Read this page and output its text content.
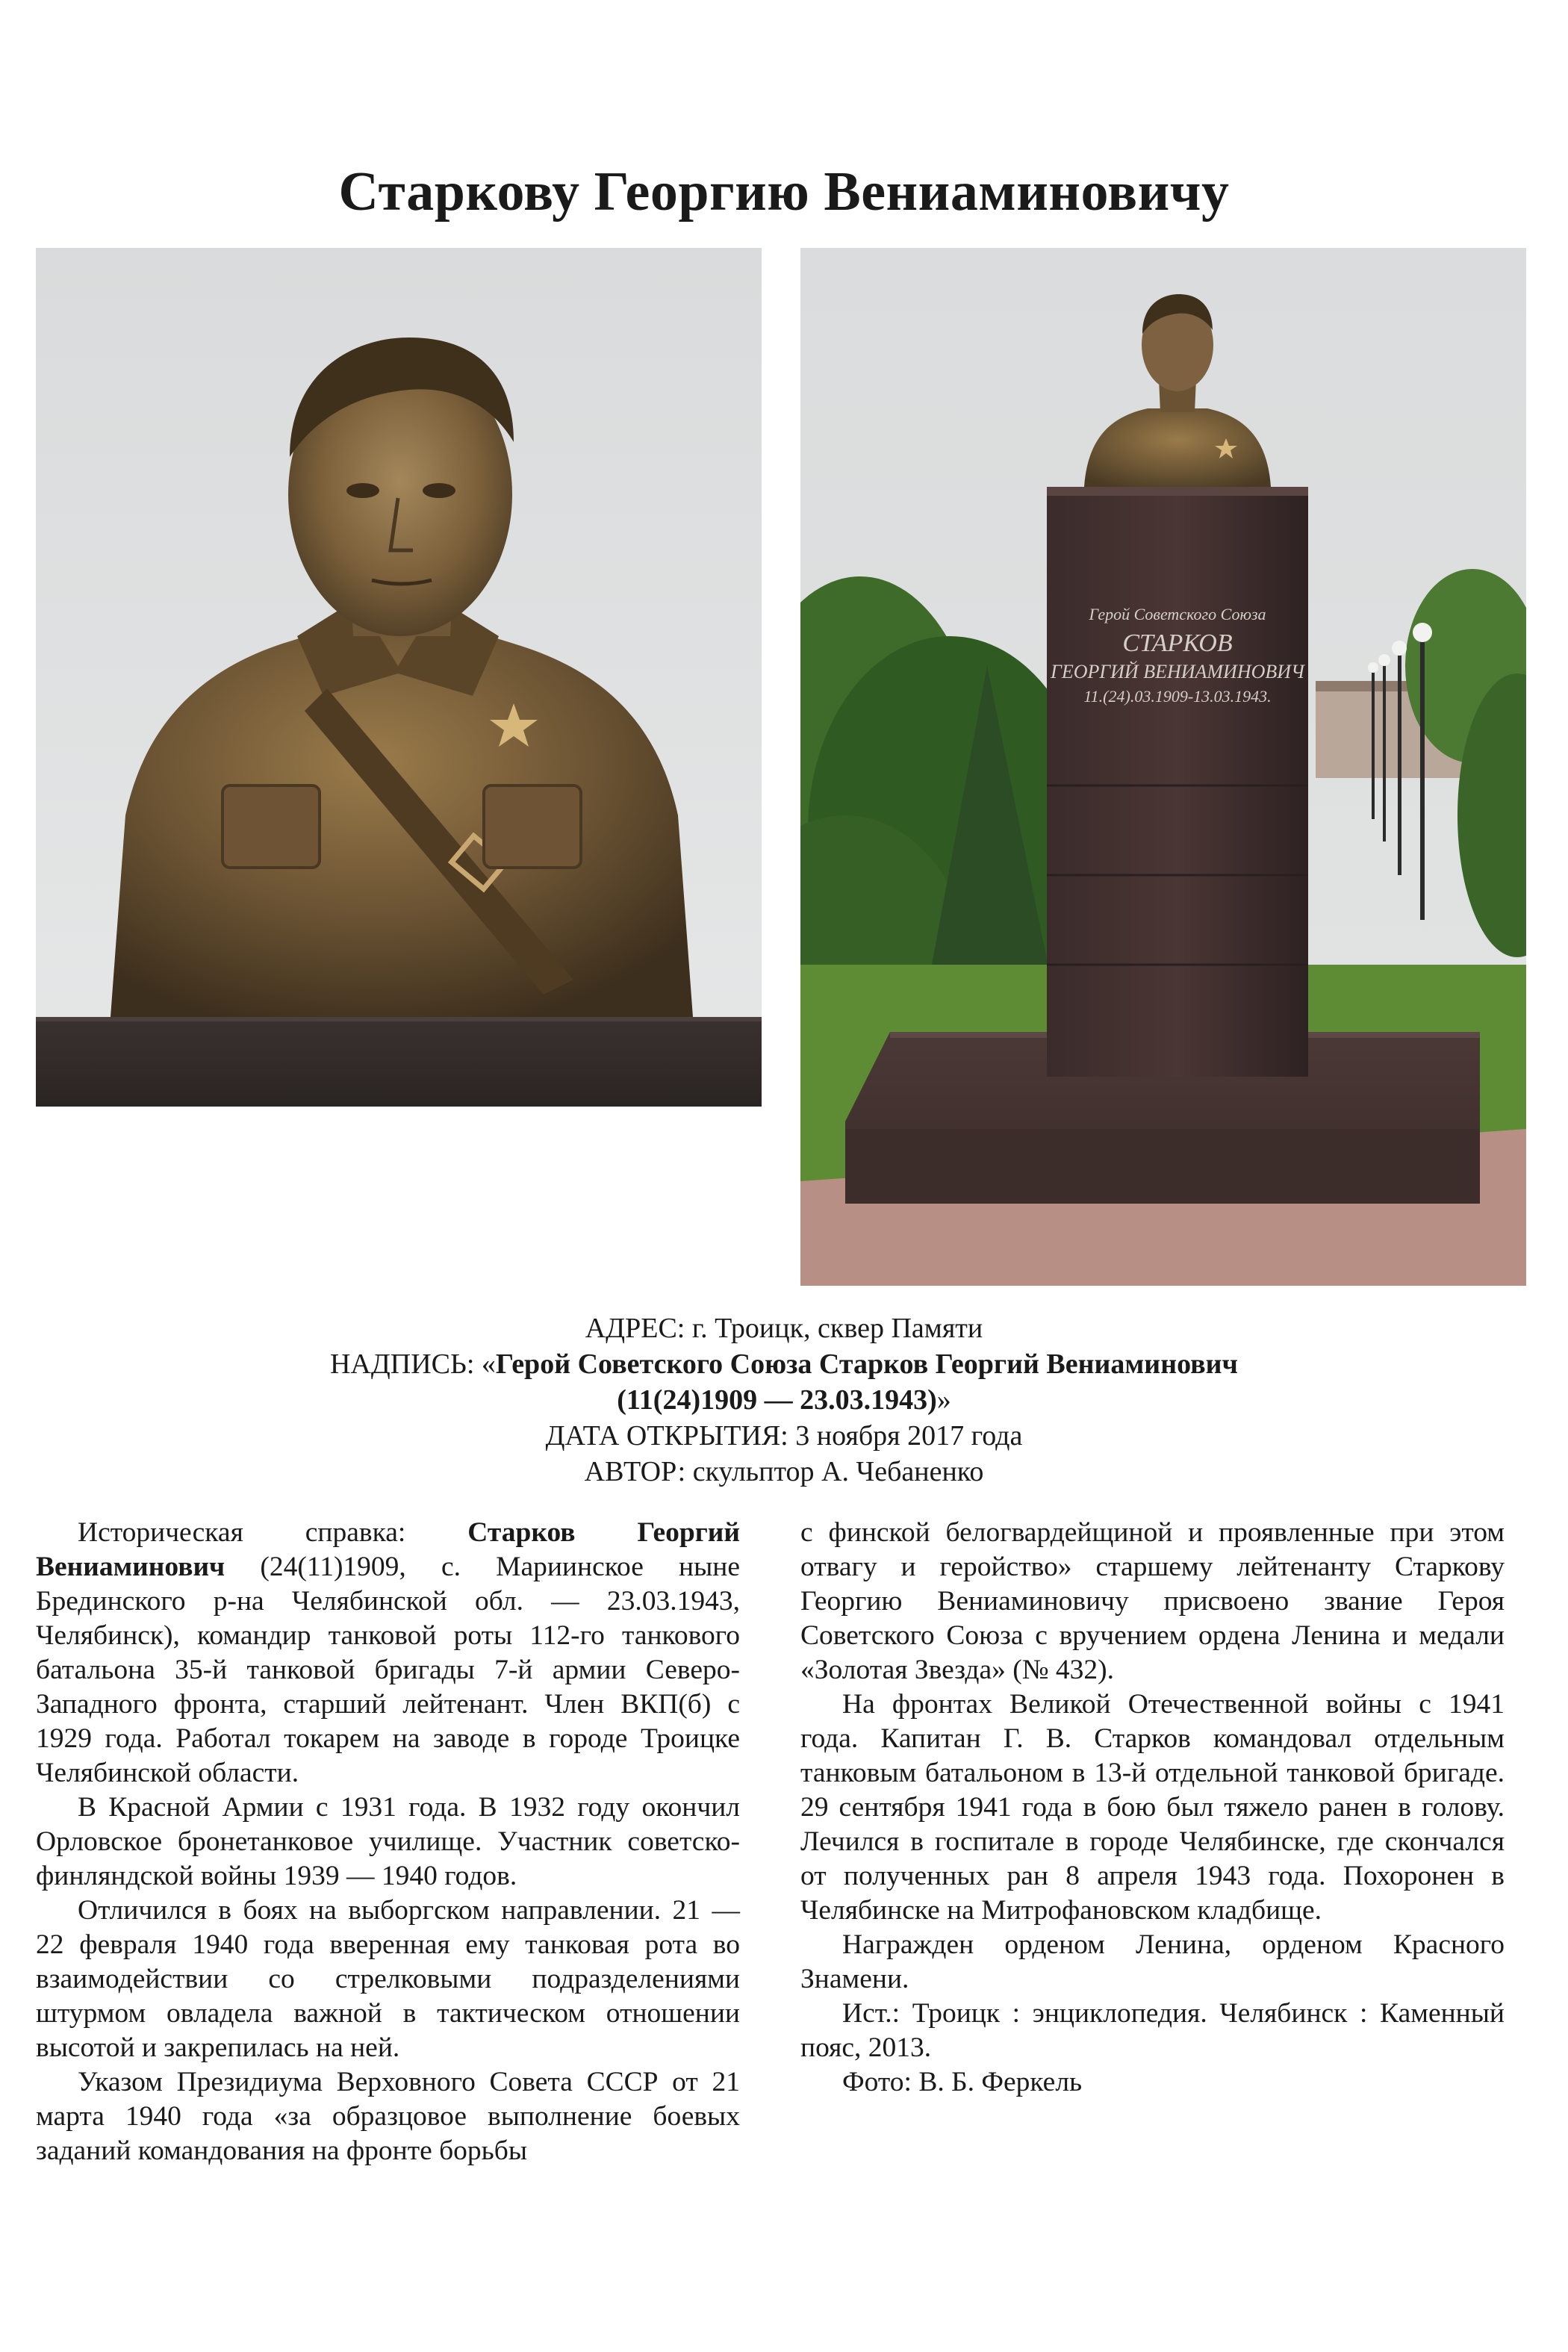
Старкову Георгию Вениаминовичу
Герой Советского Союза
СТАРКОВ
ГЕОРГИЙ ВЕНИАМИНОВИЧ
11.(24).03.1909-13.03.1943.
АДРЕС: г. Троицк, сквер Памяти
НАДПИСЬ: «Герой Советского Союза Старков Георгий Вениаминович
(11(24)1909 — 23.03.1943)»
ДАТА ОТКРЫТИЯ: 3 ноября 2017 года
АВТОР: скульптор А. Чебаненко

Историческая справка: Старков Георгий Вениаминович (24(11)1909, с. Мариинское ныне Брединского р-на Челябинской обл. — 23.03.1943, Челябинск), командир танковой роты 112-го танкового батальона 35-й танковой бригады 7-й армии Северо-Западного фронта, старший лейтенант. Член ВКП(б) с 1929 года. Работал токарем на заводе в городе Троицке Челябинской области.

В Красной Армии с 1931 года. В 1932 году окончил Орловское бронетанковое училище. Участник советско-финляндской войны 1939 — 1940 годов.

Отличился в боях на выборгском направлении. 21 — 22 февраля 1940 года вверенная ему танковая рота во взаимодействии со стрелковыми подразделениями штурмом овладела важной в тактическом отношении высотой и закрепилась на ней.

Указом Президиума Верховного Совета СССР от 21 марта 1940 года «за образцовое выполнение боевых заданий командования на фронте борьбы

с финской белогвардейщиной и проявленные при этом отвагу и геройство» старшему лейтенанту Старкову Георгию Вениаминовичу присвоено звание Героя Советского Союза с вручением ордена Ленина и медали «Золотая Звезда» (№ 432).

На фронтах Великой Отечественной войны с 1941 года. Капитан Г. В. Старков командовал отдельным танковым батальоном в 13-й отдельной танковой бригаде. 29 сентября 1941 года в бою был тяжело ранен в голову. Лечился в госпитале в городе Челябинске, где скончался от полученных ран 8 апреля 1943 года. Похоронен в Челябинске на Митрофановском кладбище.

Награжден орденом Ленина, орденом Красного Знамени.

Ист.: Троицк : энциклопедия. Челябинск : Каменный пояс, 2013.

Фото: В. Б. Феркель
